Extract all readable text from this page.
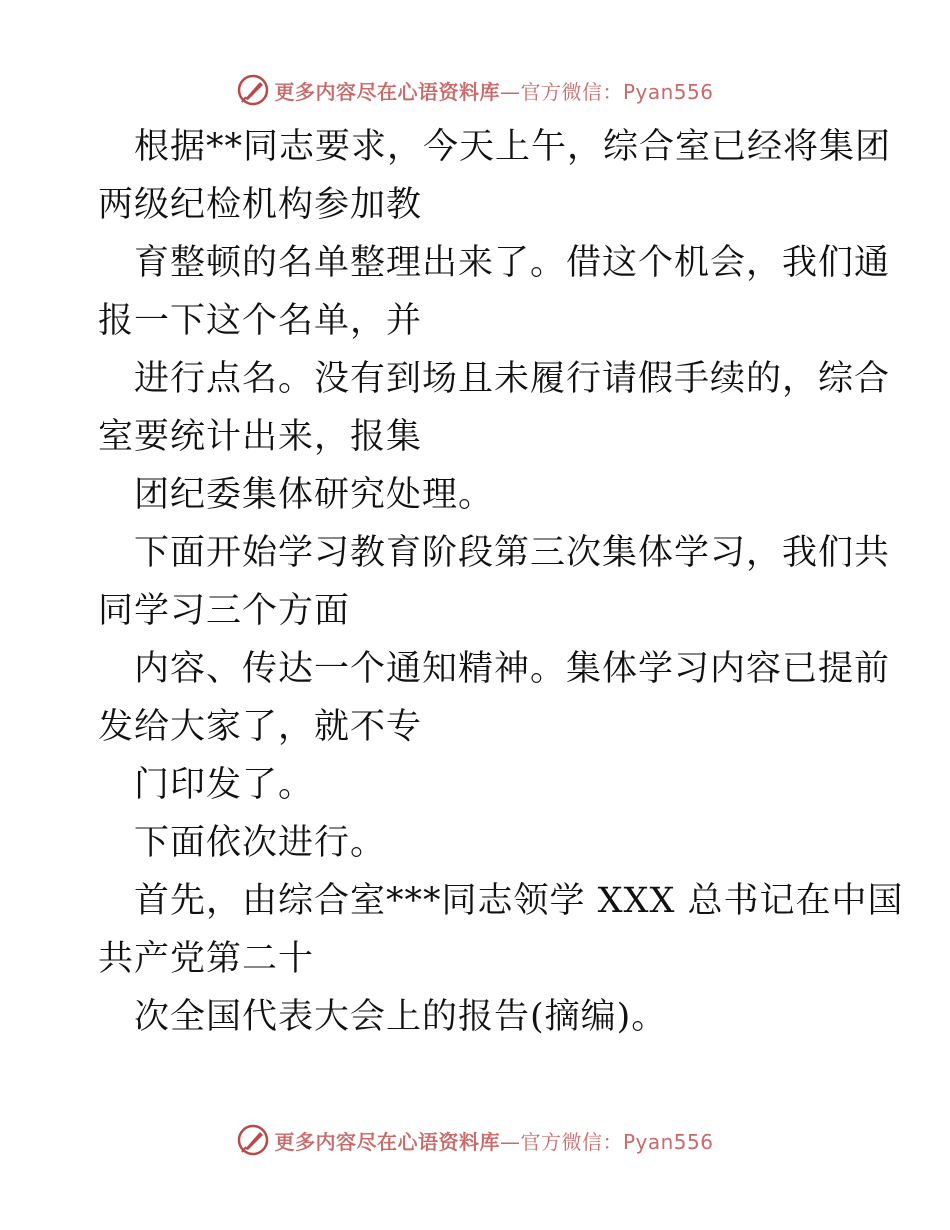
更多内容尽在心语资料库—官方微信：Pyan556
根据**同志要求，今天上午，综合室已经将集团
两级纪检机构参加教
育整顿的名单整理出来了。借这个机会，我们通
报一下这个名单，并
进行点名。没有到场且未履行请假手续的，综合
室要统计出来，报集
团纪委集体研究处理。
下面开始学习教育阶段第三次集体学习，我们共
同学习三个方面
内容、传达一个通知精神。集体学习内容已提前
发给大家了，就不专
门印发了。
下面依次进行。
首先，由综合室***同志领学 XXX 总书记在中国
共产党第二十
次全国代表大会上的报告(摘编)。
更多内容尽在心语资料库—官方微信：Pyan556
